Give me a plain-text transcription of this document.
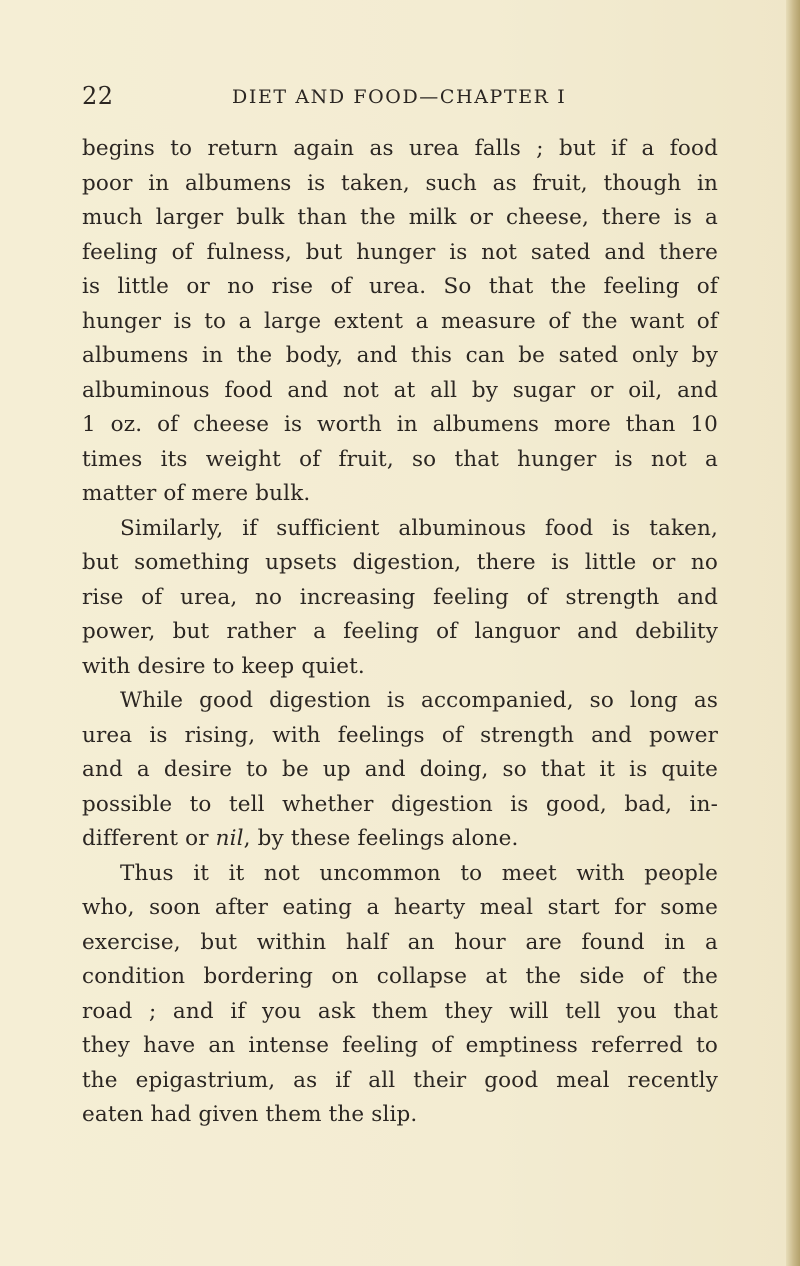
22	DIET AND FOOD—CHAPTER I
begins to return again as urea falls ; but if a food
poor in albumens is taken, such as fruit, though in
much larger bulk than the milk or cheese, there is a
feeling of fulness, but hunger is not sated and there
is little or no rise of urea. So that the feeling of
hunger is to a large extent a measure of the want of
albumens in the body, and this can be sated only by
albuminous food and not at all by sugar or oil, and
1 oz. of cheese is worth in albumens more than 10
times its weight of fruit, so that hunger is not a
matter of mere bulk.
Similarly, if sufficient albuminous food is taken,
but something upsets digestion, there is little or no
rise of urea, no increasing feeling of strength and
power, but rather a feeling of languor and debility
with desire to keep quiet.
While good digestion is accompanied, so long as
urea is rising, with feelings of strength and power
and a desire to be up and doing, so that it is quite
possible to tell whether digestion is good, bad, in-
different or nil, by these feelings alone.
Thus it it not uncommon to meet with people
who, soon after eating a hearty meal start for some
exercise, but within half an hour are found in a
condition bordering on collapse at the side of the
road ; and if you ask them they will tell you that
they have an intense feeling of emptiness referred to
the epigastrium, as if all their good meal recently
eaten had given them the slip.
